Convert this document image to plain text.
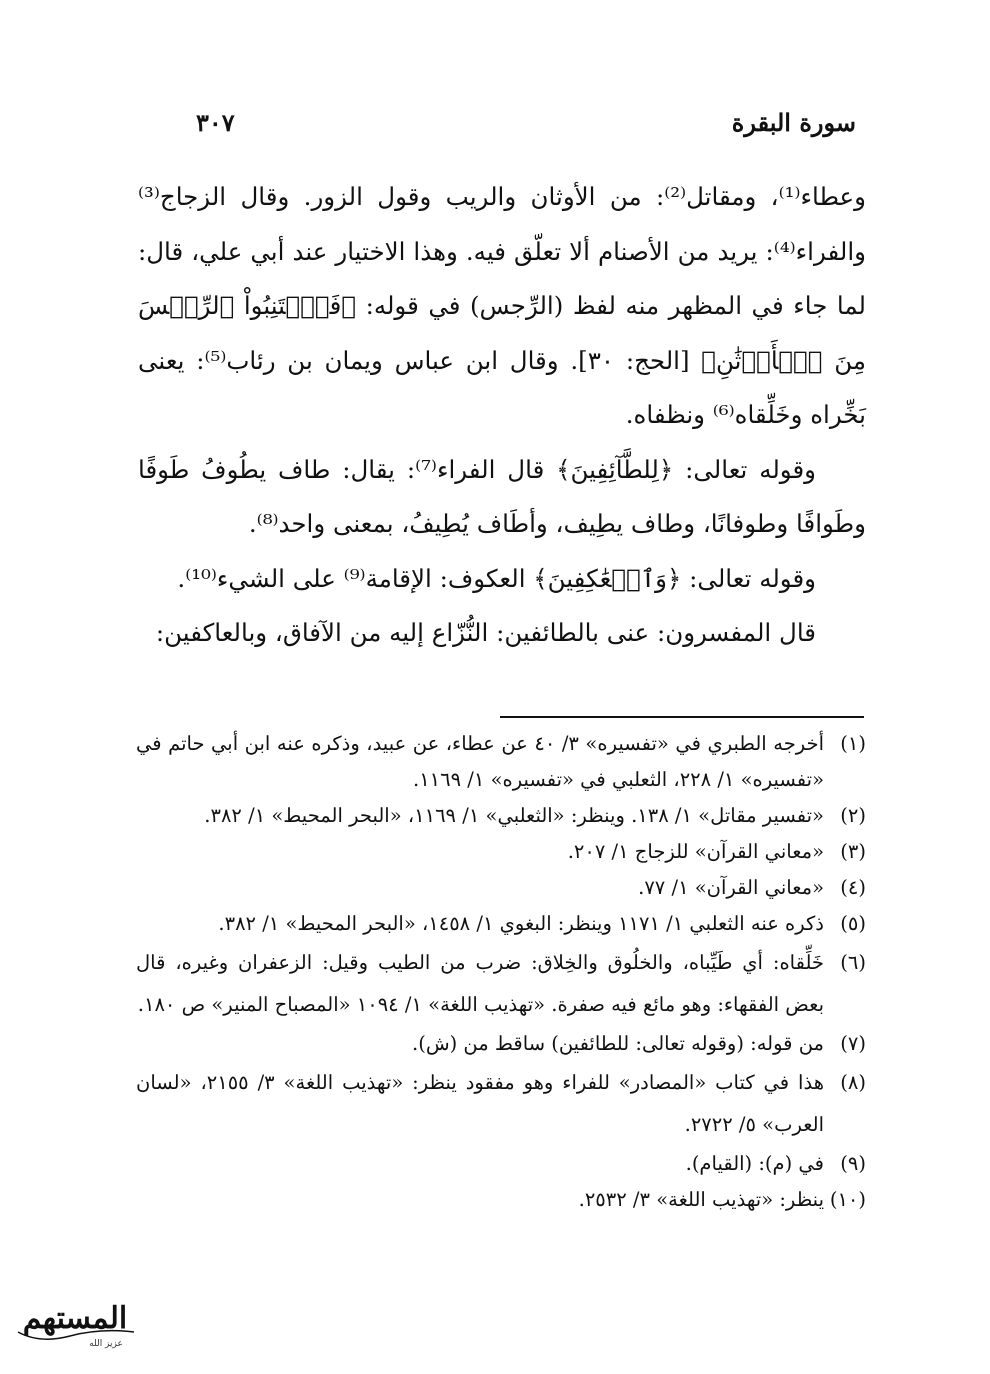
سورة البقرة
٣٠٧

وعطاء⁽¹⁾، ومقاتل⁽²⁾: من الأوثان والريب وقول الزور. وقال الزجاج⁽³⁾ والفراء⁽⁴⁾: يريد من الأصنام ألا تعلّق فيه. وهذا الاختيار عند أبي علي، قال: لما جاء في المظهر منه لفظ (الرِّجس) في قوله: ﴿فَٱجۡتَنِبُواْ ٱلرِّجۡسَ مِنَ ٱلۡأَوۡثَٰنِ﴾ [الحج: ٣٠]. وقال ابن عباس ويمان بن رئاب⁽⁵⁾: يعنى بَخِّراه وخَلِّقاه⁽⁶⁾ ونظفاه.

وقوله تعالى: ﴿لِلطَّآئِفِينَ﴾ قال الفراء⁽⁷⁾: يقال: طاف يطُوفُ طَوفًا وطَوافًا وطوفانًا، وطاف يطِيف، وأطَاف يُطِيفُ، بمعنى واحد⁽⁸⁾.

وقوله تعالى: ﴿وَٱلۡعَٰكِفِينَ﴾ العكوف: الإقامة⁽⁹⁾ على الشيء⁽¹⁰⁾.

قال المفسرون: عنى بالطائفين: النُّزّاع إليه من الآفاق، وبالعاكفين:

(١)
أخرجه الطبري في «تفسيره» ٣/ ٤٠ عن عطاء، عن عبيد، وذكره عنه ابن أبي حاتم في «تفسيره» ١/ ٢٢٨، الثعلبي في «تفسيره» ١/ ١١٦٩.
(٢)
«تفسير مقاتل» ١/ ١٣٨. وينظر: «الثعلبي» ١/ ١١٦٩، «البحر المحيط» ١/ ٣٨٢.
(٣)
«معاني القرآن» للزجاج ١/ ٢٠٧.
(٤)
«معاني القرآن» ١/ ٧٧.
(٥)
ذكره عنه الثعلبي ١/ ١١٧١ وينظر: البغوي ١/ ١٤٥٨، «البحر المحيط» ١/ ٣٨٢.
(٦)
خَلِّقاه: أي طَيِّباه، والخلُوق والخِلاق: ضرب من الطيب وقيل: الزعفران وغيره، قال بعض الفقهاء: وهو مائع فيه صفرة. «تهذيب اللغة» ١/ ١٠٩٤ «المصباح المنير» ص ١٨٠.
(٧)
من قوله: (وقوله تعالى: للطائفين) ساقط من (ش).
(٨)
هذا في كتاب «المصادر» للفراء وهو مفقود ينظر: «تهذيب اللغة» ٣/ ٢١٥٥، «لسان العرب» ٥/ ٢٧٢٢.
(٩)
في (م): (القيام).
(١٠)
ينظر: «تهذيب اللغة» ٣/ ٢٥٣٢.
المستهم
عزيز الله
